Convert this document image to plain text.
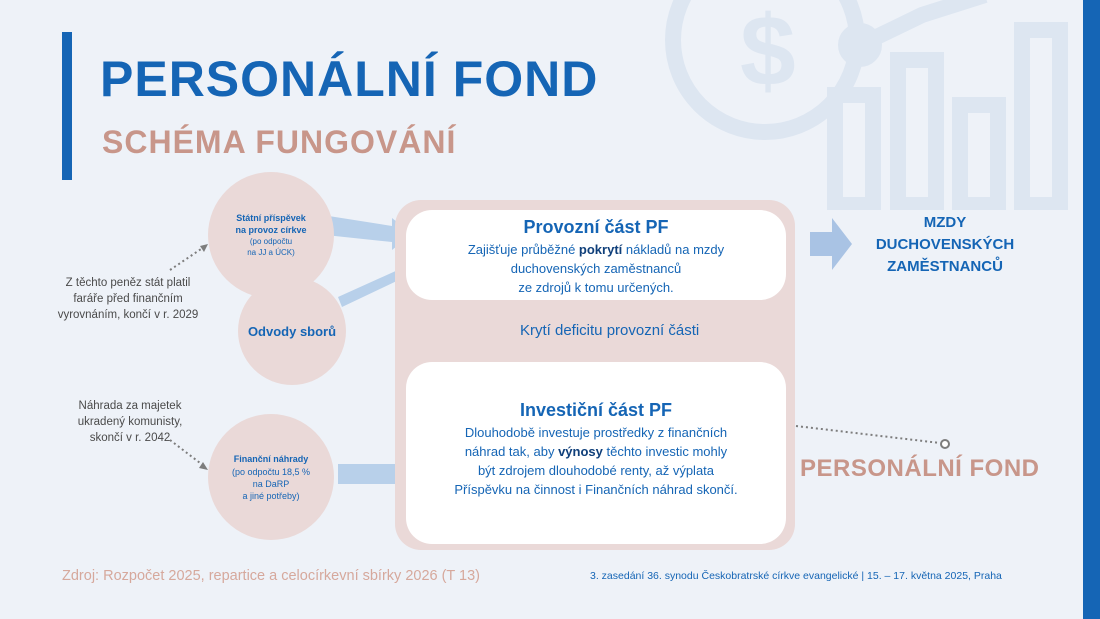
$
PERSONÁLNÍ FOND
SCHÉMA FUNGOVÁNÍ
Státní příspěvek
na provoz církve
(po odpočtu
na JJ a ÚCK)
Odvody sborů
Finanční náhrady
(po odpočtu 18,5 %
na DaRP
a jiné potřeby)
Z těchto peněz stát platil
faráře před finančním
vyrovnáním, končí v r. 2029
Náhrada za majetek
ukradený komunisty,
skončí v r. 2042
Provozní část PF
Zajišťuje průběžné pokrytí nákladů na mzdy
duchovenských zaměstnanců
ze zdrojů k tomu určených.
Krytí deficitu provozní části
Investiční část PF
Dlouhodobě investuje prostředky z finančních
náhrad tak, aby výnosy těchto investic mohly
být zdrojem dlouhodobé renty, až výplata
Příspěvku na činnost i Finančních náhrad skončí.
MZDY
DUCHOVENSKÝCH
ZAMĚSTNANCŮ
PERSONÁLNÍ FOND
Zdroj: Rozpočet 2025, repartice a celocírkevní sbírky 2026 (T 13)	3. zasedání 36. synodu Českobratrské církve evangelické | 15. – 17. května 2025, Praha
